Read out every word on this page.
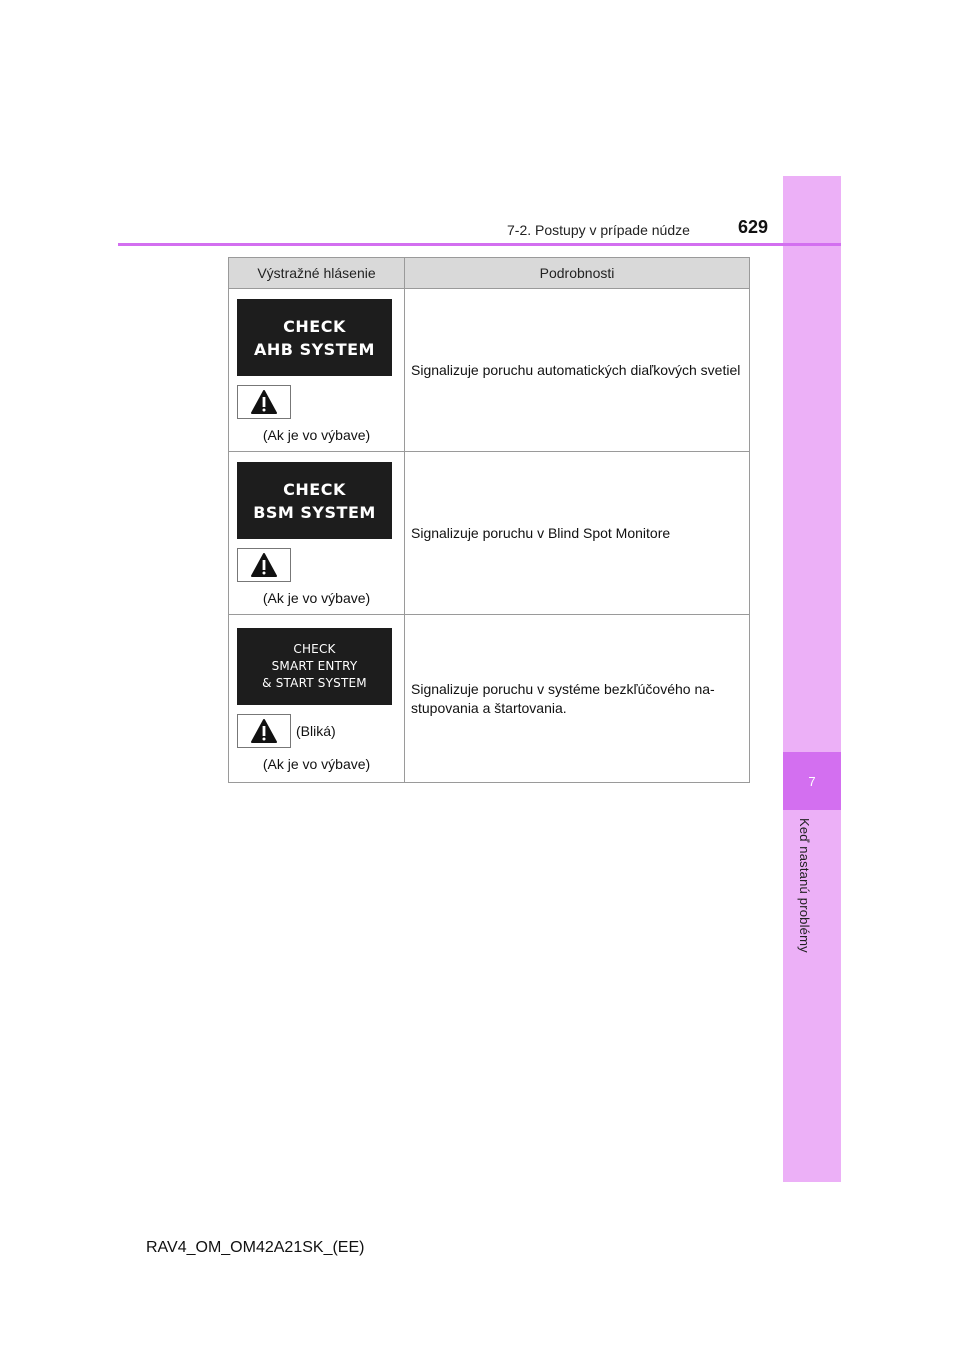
7
Keď nastanú problémy
7-2. Postupy v prípade núdze	629
Výstražné hlásenie	Podrobnosti

CHECK
AHB SYSTEM
(Ak je vo výbave)	Signalizuje poruchu automatických diaľkových svetiel

CHECK
BSM SYSTEM
(Ak je vo výbave)	Signalizuje poruchu v Blind Spot Monitore

CHECK
SMART ENTRY
& START SYSTEM
(Bliká)
(Ak je vo výbave)	Signalizuje poruchu v systéme bezkľúčového na-stupovania a štartovania.
RAV4_OM_OM42A21SK_(EE)
